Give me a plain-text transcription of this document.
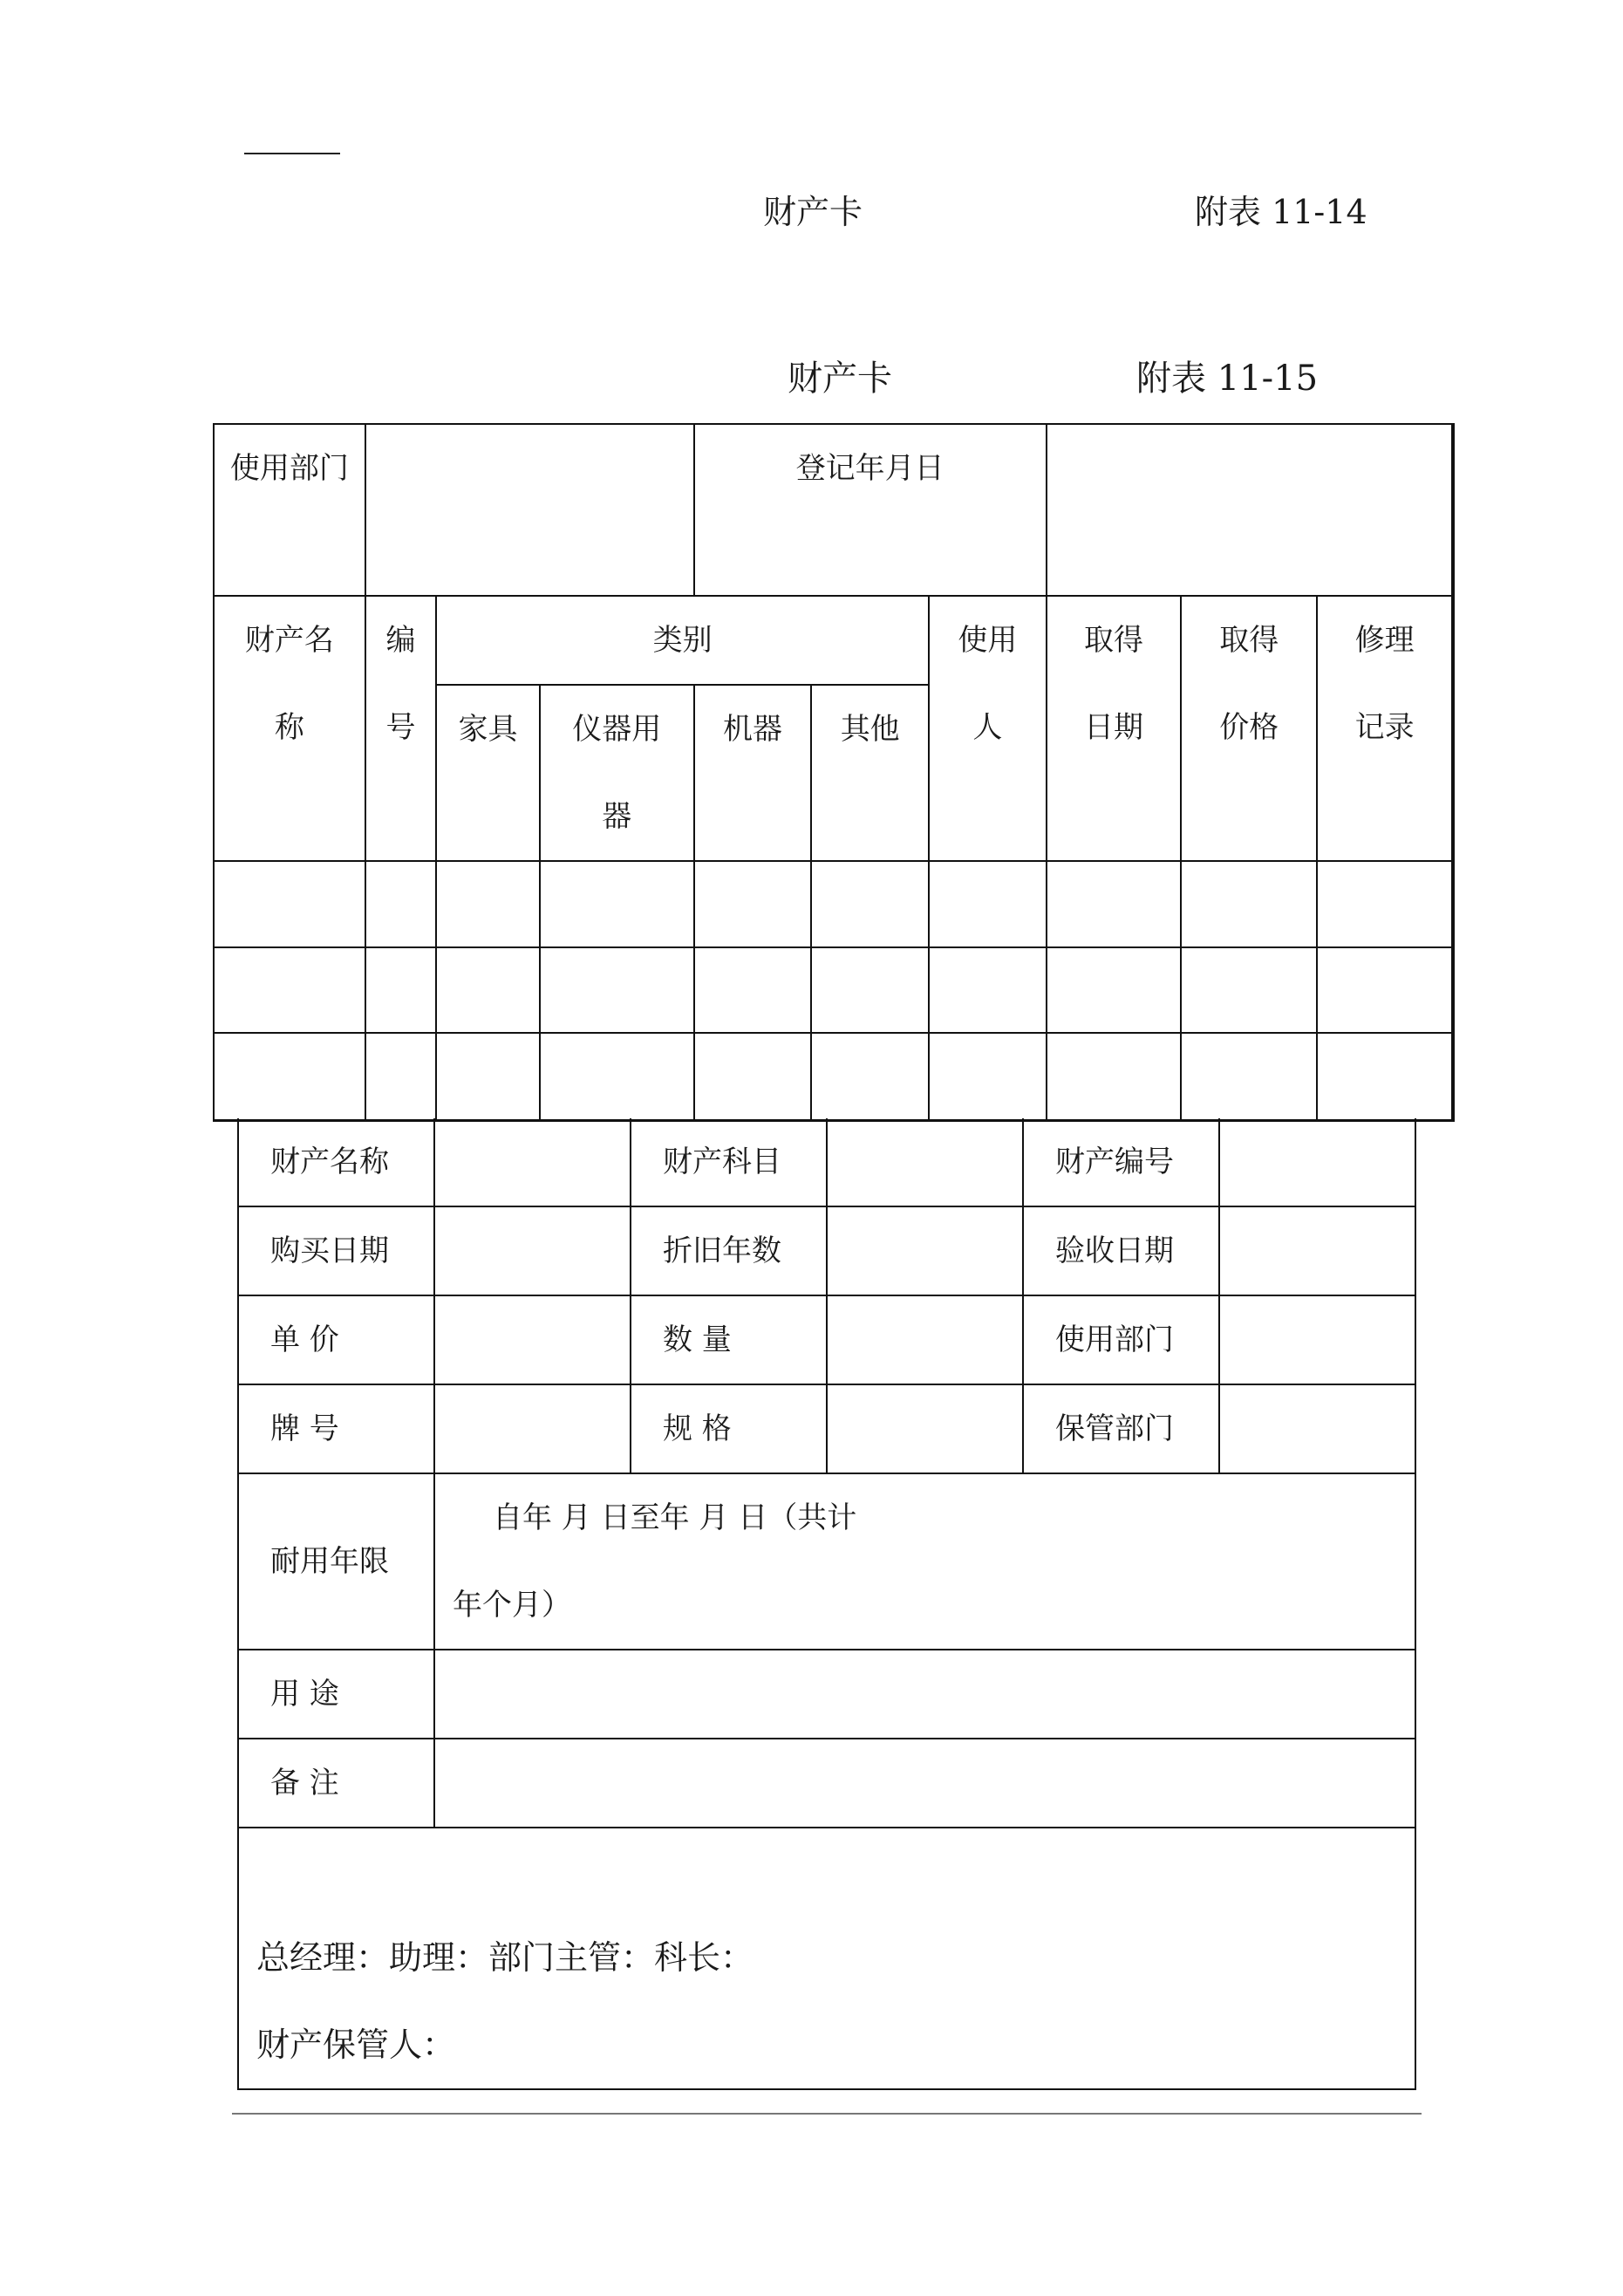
财产卡	附表 11-14
财产卡	附表 11-15
使用部门				登记年月日					

财产名称	编号	类别				使用人	取得日期	取得价格	修理记录

		家具	仪器用器	机器	其他				

财产名称		财产科目		财产编号	
购买日期		折旧年数		验收日期	
单 价		数 量		使用部门	
牌 号		规 格		保管部门	
耐用年限	自年 月 日至年 月 日（共计
年个月）				

用 途					
备 注					

总经理：助理：部门主管：科长：
财产保管人：					
